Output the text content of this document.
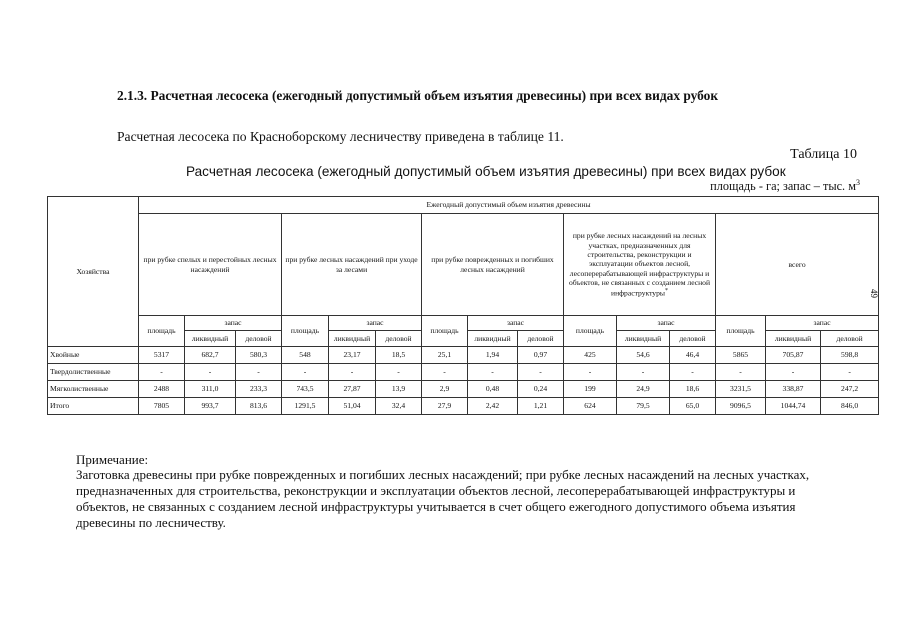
2.1.3. Расчетная лесосека (ежегодный допустимый объем изъятия древесины) при всех видах рубок
Расчетная лесосека по Красноборскому лесничеству приведена в таблице 11.
Таблица 10
Расчетная лесосека (ежегодный допустимый объем изъятия древесины) при всех видах рубок
площадь - га; запас – тыс. $м^3$
Хозяйства	Ежегодный допустимый объем изъятия древесины														
	при рубке спелых и перестойных лесных насаждений			при рубке лесных насаждений при уходе за лесами			при рубке поврежденных и погибших лесных насаждений			при рубке лесных насаждений на лесных участках, предназначенных для строительства, реконструкции и эксплуатации объектов лесной, лесоперерабатывающей инфраструктуры и объектов, не связанных с созданием лесной инфраструктуры*			всего		
	площадь	запас		площадь	запас		площадь	запас		площадь	запас		площадь	запас	
		ликвидный	деловой		ликвидный	деловой		ликвидный	деловой		ликвидный	деловой		ликвидный	деловой
Хвойные	5317	682,7	580,3	548	23,17	18,5	25,1	1,94	0,97	425	54,6	46,4	5865	705,87	598,8
Твердолиственные	-	-	-	-	-	-	-	-	-	-	-	-	-	-	-
Мягколиственные	2488	311,0	233,3	743,5	27,87	13,9	2,9	0,48	0,24	199	24,9	18,6	3231,5	338,87	247,2
Итого	7805	993,7	813,6	1291,5	51,04	32,4	27,9	2,42	1,21	624	79,5	65,0	9096,5	1044,74	846,0
49
Примечание:
Заготовка древесины при рубке поврежденных и погибших лесных насаждений; при рубке лесных насаждений на лесных участках, предназначенных для строительства, реконструкции и эксплуатации объектов лесной, лесоперерабатывающей инфраструктуры и объектов, не связанных с созданием лесной инфраструктуры учитывается в счет общего ежегодного допустимого объема изъятия древесины по лесничеству.
